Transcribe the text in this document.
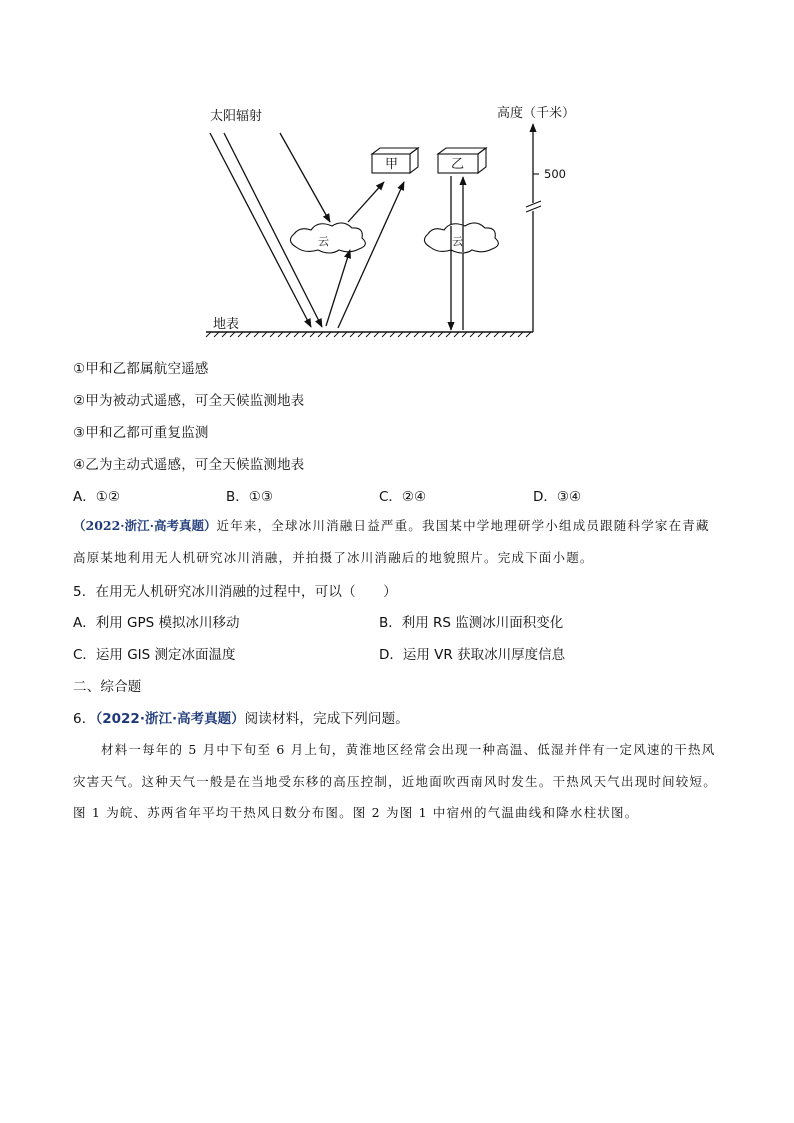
太阳辐射
地表
云
甲	乙
云
500
高度（千米）
①甲和乙都属航空遥感
②甲为被动式遥感，可全天候监测地表
③甲和乙都可重复监测
④乙为主动式遥感，可全天候监测地表
A．①②	B．①③	C．②④	D．③④
（2022·浙江·高考真题）近年来，全球冰川消融日益严重。我国某中学地理研学小组成员跟随科学家在青藏
高原某地利用无人机研究冰川消融，并拍摄了冰川消融后的地貌照片。完成下面小题。
5．在用无人机研究冰川消融的过程中，可以（　　）
A．利用 GPS 模拟冰川移动	B．利用 RS 监测冰川面积变化
C．运用 GIS 测定冰面温度	D．运用 VR 获取冰川厚度信息
二、综合题
6．（2022·浙江·高考真题）阅读材料，完成下列问题。
材料一每年的 5 月中下旬至 6 月上旬，黄淮地区经常会出现一种高温、低湿并伴有一定风速的干热风
灾害天气。这种天气一般是在当地受东移的高压控制，近地面吹西南风时发生。干热风天气出现时间较短。
图 1 为皖、苏两省年平均干热风日数分布图。图 2 为图 1 中宿州的气温曲线和降水柱状图。
